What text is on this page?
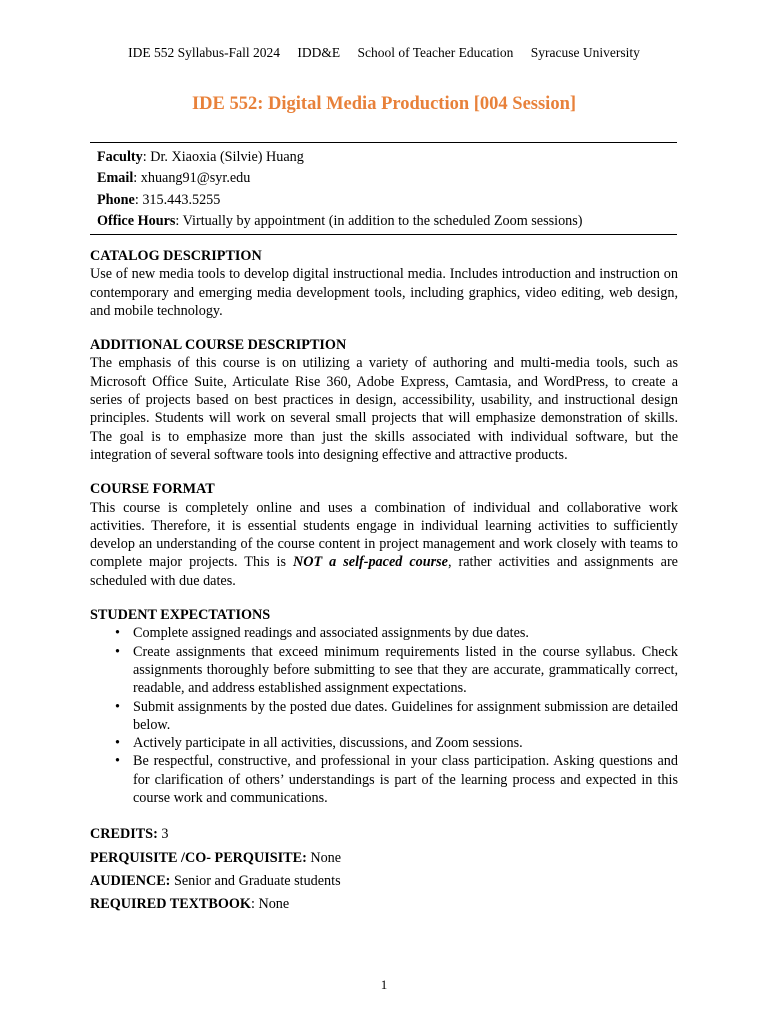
IDE 552 Syllabus-Fall 2024 IDD&E School of Teacher Education Syracuse University
IDE 552: Digital Media Production [004 Session]
Faculty: Dr. Xiaoxia (Silvie) Huang
Email: xhuang91@syr.edu
Phone: 315.443.5255
Office Hours: Virtually by appointment (in addition to the scheduled Zoom sessions)
CATALOG DESCRIPTION
Use of new media tools to develop digital instructional media. Includes introduction and instruction on contemporary and emerging media development tools, including graphics, video editing, web design, and mobile technology.
ADDITIONAL COURSE DESCRIPTION
The emphasis of this course is on utilizing a variety of authoring and multi-media tools, such as Microsoft Office Suite, Articulate Rise 360, Adobe Express, Camtasia, and WordPress, to create a series of projects based on best practices in design, accessibility, usability, and instructional design principles. Students will work on several small projects that will emphasize demonstration of skills. The goal is to emphasize more than just the skills associated with individual software, but the integration of several software tools into designing effective and attractive products.
COURSE FORMAT
This course is completely online and uses a combination of individual and collaborative work activities. Therefore, it is essential students engage in individual learning activities to sufficiently develop an understanding of the course content in project management and work closely with teams to complete major projects. This is NOT a self-paced course, rather activities and assignments are scheduled with due dates.
STUDENT EXPECTATIONS
• Complete assigned readings and associated assignments by due dates.
• Create assignments that exceed minimum requirements listed in the course syllabus. Check assignments thoroughly before submitting to see that they are accurate, grammatically correct, readable, and address established assignment expectations.
• Submit assignments by the posted due dates. Guidelines for assignment submission are detailed below.
• Actively participate in all activities, discussions, and Zoom sessions.
• Be respectful, constructive, and professional in your class participation. Asking questions and for clarification of others’ understandings is part of the learning process and expected in this course work and communications.
CREDITS: 3
PERQUISITE /CO- PERQUISITE: None
AUDIENCE: Senior and Graduate students
REQUIRED TEXTBOOK: None
1
